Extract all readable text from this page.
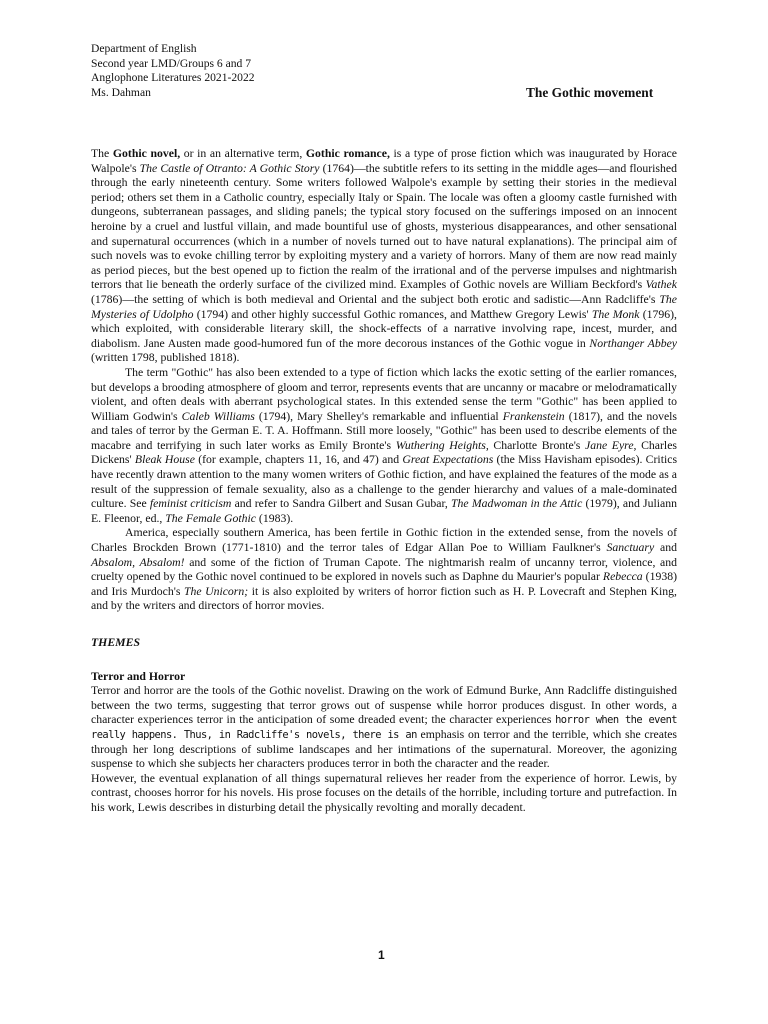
Department of English
Second year LMD/Groups 6 and 7
Anglophone Literatures 2021-2022
Ms. Dahman	The Gothic movement

The Gothic novel, or in an alternative term, Gothic romance, is a type of prose fiction which was inaugurated by Horace Walpole's The Castle of Otranto: A Gothic Story (1764)—the subtitle refers to its setting in the middle ages—and flourished through the early nineteenth century. Some writers followed Walpole's example by setting their stories in the medieval period; others set them in a Catholic country, especially Italy or Spain. The locale was often a gloomy castle furnished with dungeons, subterranean passages, and sliding panels; the typical story focused on the sufferings imposed on an innocent heroine by a cruel and lustful villain, and made bountiful use of ghosts, mysterious disappearances, and other sensational and supernatural occurrences (which in a number of novels turned out to have natural explanations). The principal aim of such novels was to evoke chilling terror by exploiting mystery and a variety of horrors. Many of them are now read mainly as period pieces, but the best opened up to fiction the realm of the irrational and of the perverse impulses and nightmarish terrors that lie beneath the orderly surface of the civilized mind. Examples of Gothic novels are William Beckford's Vathek (1786)—the setting of which is both medieval and Oriental and the subject both erotic and sadistic—Ann Radcliffe's The Mysteries of Udolpho (1794) and other highly successful Gothic romances, and Matthew Gregory Lewis' The Monk (1796), which exploited, with considerable literary skill, the shock-effects of a narrative involving rape, incest, murder, and diabolism. Jane Austen made good-humored fun of the more decorous instances of the Gothic vogue in Northanger Abbey (written 1798, published 1818).

The term "Gothic" has also been extended to a type of fiction which lacks the exotic setting of the earlier romances, but develops a brooding atmosphere of gloom and terror, represents events that are uncanny or macabre or melodramatically violent, and often deals with aberrant psychological states. In this extended sense the term "Gothic" has been applied to William Godwin's Caleb Williams (1794), Mary Shelley's remarkable and influential Frankenstein (1817), and the novels and tales of terror by the German E. T. A. Hoffmann. Still more loosely, "Gothic" has been used to describe elements of the macabre and terrifying in such later works as Emily Bronte's Wuthering Heights, Charlotte Bronte's Jane Eyre, Charles Dickens' Bleak House (for example, chapters 11, 16, and 47) and Great Expectations (the Miss Havisham episodes). Critics have recently drawn attention to the many women writers of Gothic fiction, and have explained the features of the mode as a result of the suppression of female sexuality, also as a challenge to the gender hierarchy and values of a male-dominated culture. See feminist criticism and refer to Sandra Gilbert and Susan Gubar, The Madwoman in the Attic (1979), and Juliann E. Fleenor, ed., The Female Gothic (1983).

America, especially southern America, has been fertile in Gothic fiction in the extended sense, from the novels of Charles Brockden Brown (1771-1810) and the terror tales of Edgar Allan Poe to William Faulkner's Sanctuary and Absalom, Absalom! and some of the fiction of Truman Capote. The nightmarish realm of uncanny terror, violence, and cruelty opened by the Gothic novel continued to be explored in novels such as Daphne du Maurier's popular Rebecca (1938) and Iris Murdoch's The Unicorn; it is also exploited by writers of horror fiction such as H. P. Lovecraft and Stephen King, and by the writers and directors of horror movies.

THEMES
Terror and Horror

Terror and horror are the tools of the Gothic novelist. Drawing on the work of Edmund Burke, Ann Radcliffe distinguished between the two terms, suggesting that terror grows out of suspense while horror produces disgust. In other words, a character experiences terror in the anticipation of some dreaded event; the character experiences horror when the event really happens. Thus, in Radcliffe's novels, there is an emphasis on terror and the terrible, which she creates through her long descriptions of sublime landscapes and her intimations of the supernatural. Moreover, the agonizing suspense to which she subjects her characters produces terror in both the character and the reader.

However, the eventual explanation of all things supernatural relieves her reader from the experience of horror. Lewis, by contrast, chooses horror for his novels. His prose focuses on the details of the horrible, including torture and putrefaction. In his work, Lewis describes in disturbing detail the physically revolting and morally decadent.

1
